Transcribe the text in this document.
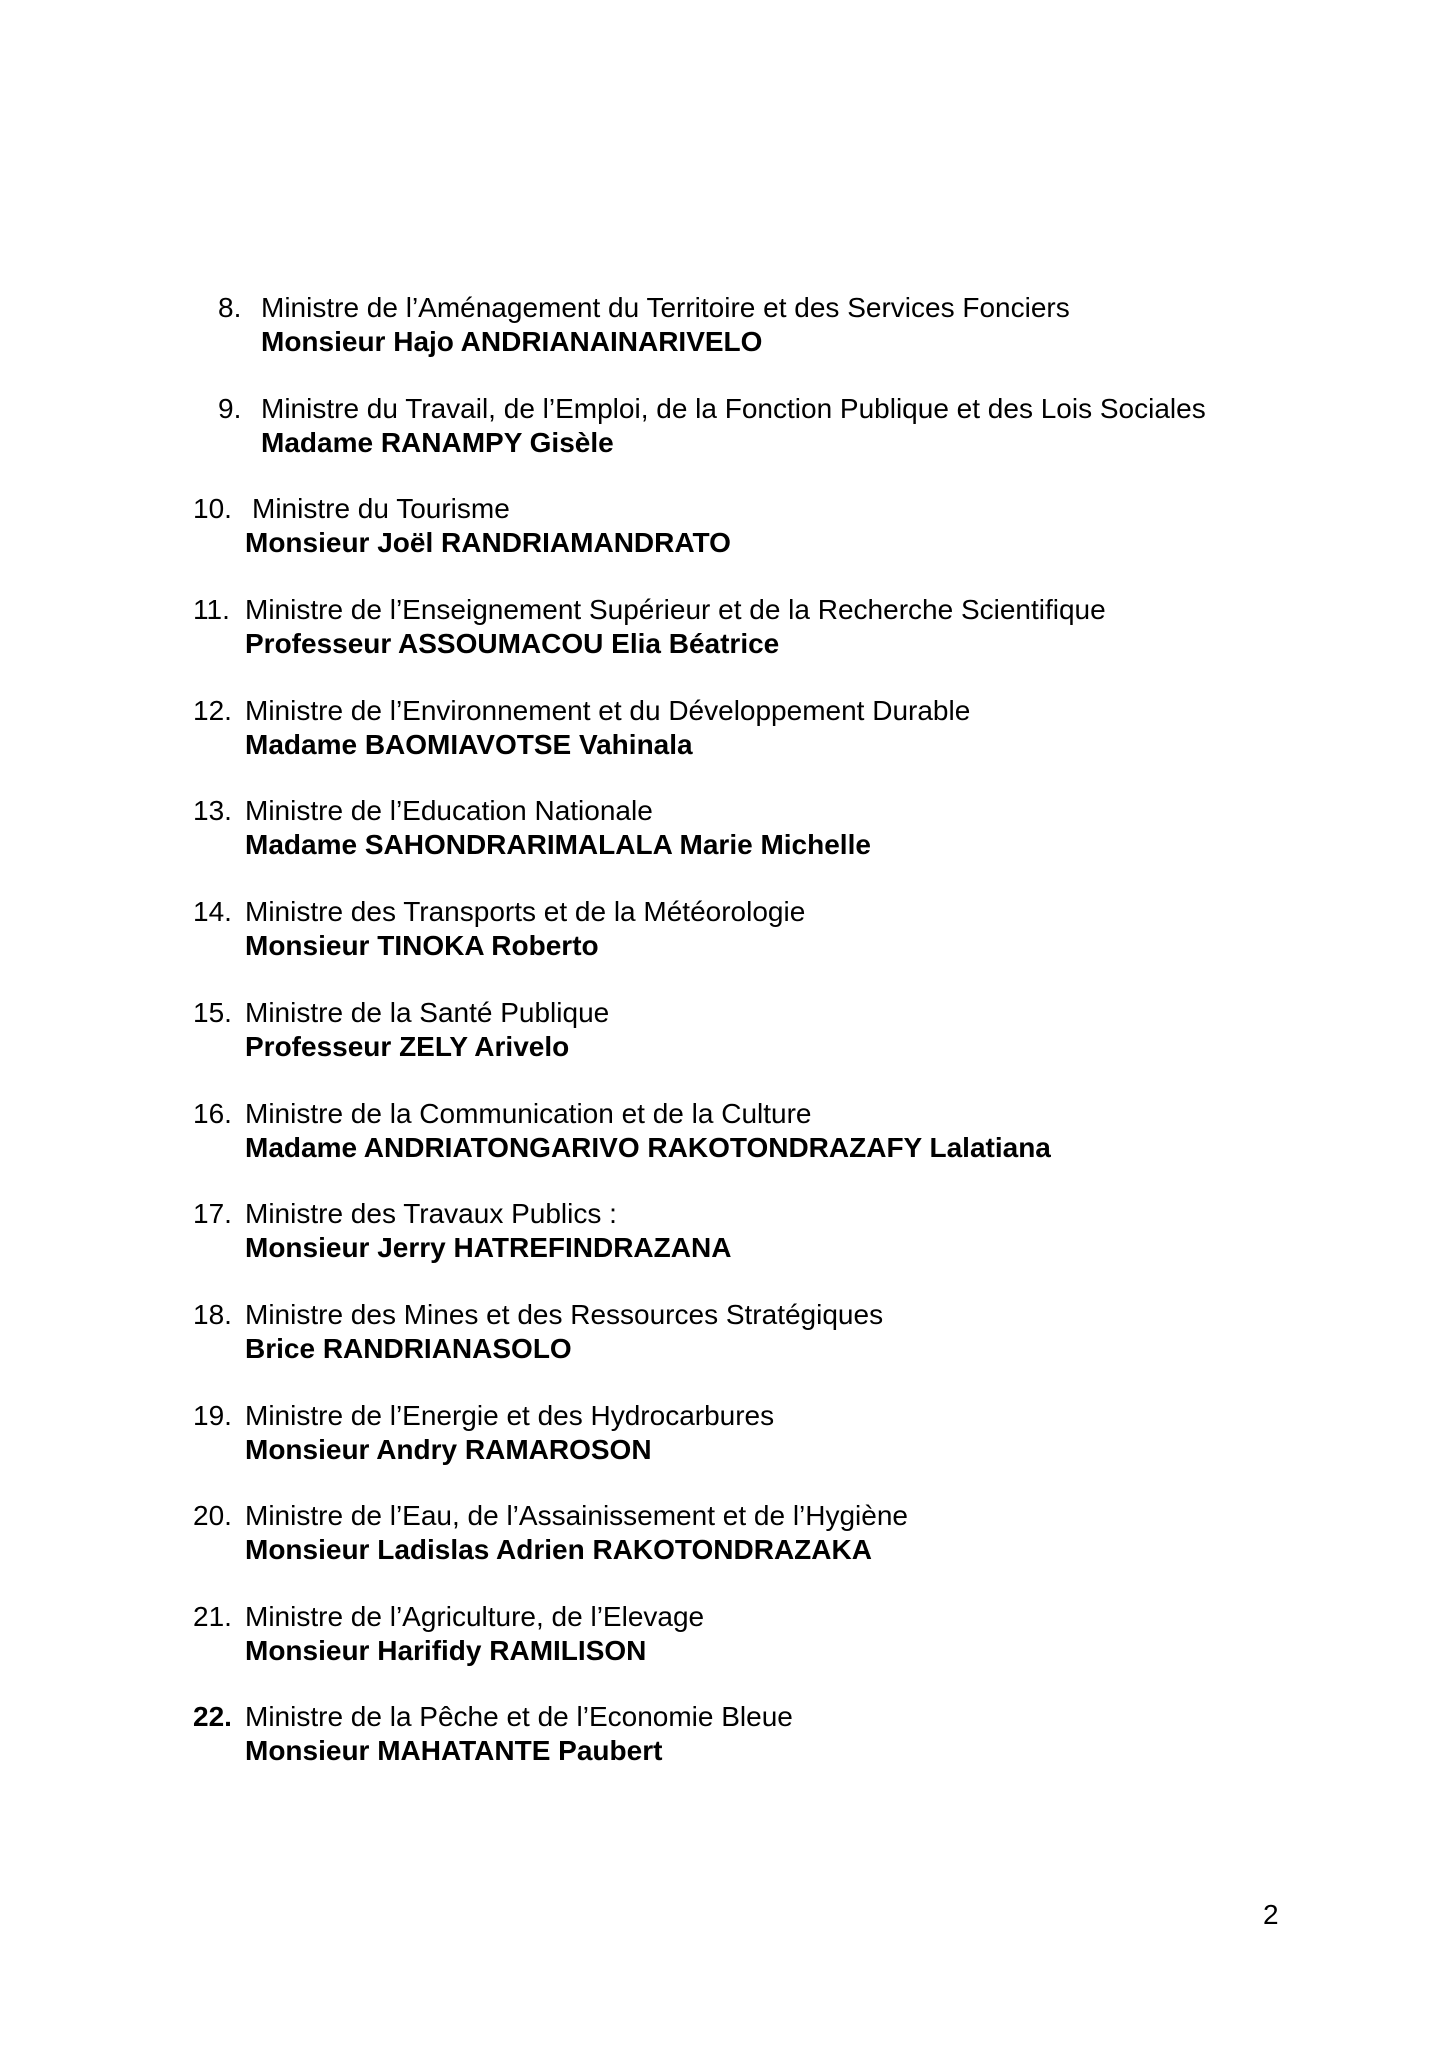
8. Ministre de l’Aménagement du Territoire et des Services Fonciers
Monsieur Hajo ANDRIANAINARIVELO
9. Ministre du Travail, de l’Emploi, de la Fonction Publique et des Lois Sociales
Madame RANAMPY Gisèle
10. Ministre du Tourisme
Monsieur Joël RANDRIAMANDRATO
11. Ministre de l’Enseignement Supérieur et de la Recherche Scientifique
Professeur ASSOUMACOU Elia Béatrice
12. Ministre de l’Environnement et du Développement Durable
Madame BAOMIAVOTSE Vahinala
13. Ministre de l’Education Nationale
Madame SAHONDRARIMALALA Marie Michelle
14. Ministre des Transports et de la Météorologie
Monsieur TINOKA Roberto
15. Ministre de la Santé Publique
Professeur ZELY Arivelo
16. Ministre de la Communication et de la Culture
Madame ANDRIATONGARIVO RAKOTONDRAZAFY Lalatiana
17. Ministre des Travaux Publics :
Monsieur Jerry HATREFINDRAZANA
18. Ministre des Mines et des Ressources Stratégiques
Brice RANDRIANASOLO
19. Ministre de l’Energie et des Hydrocarbures
Monsieur Andry RAMAROSON
20. Ministre de l’Eau, de l’Assainissement et de l’Hygiène
Monsieur Ladislas Adrien RAKOTONDRAZAKA
21. Ministre de l’Agriculture, de l’Elevage
Monsieur Harifidy RAMILISON
22. Ministre de la Pêche et de l’Economie Bleue
Monsieur MAHATANTE Paubert
2
